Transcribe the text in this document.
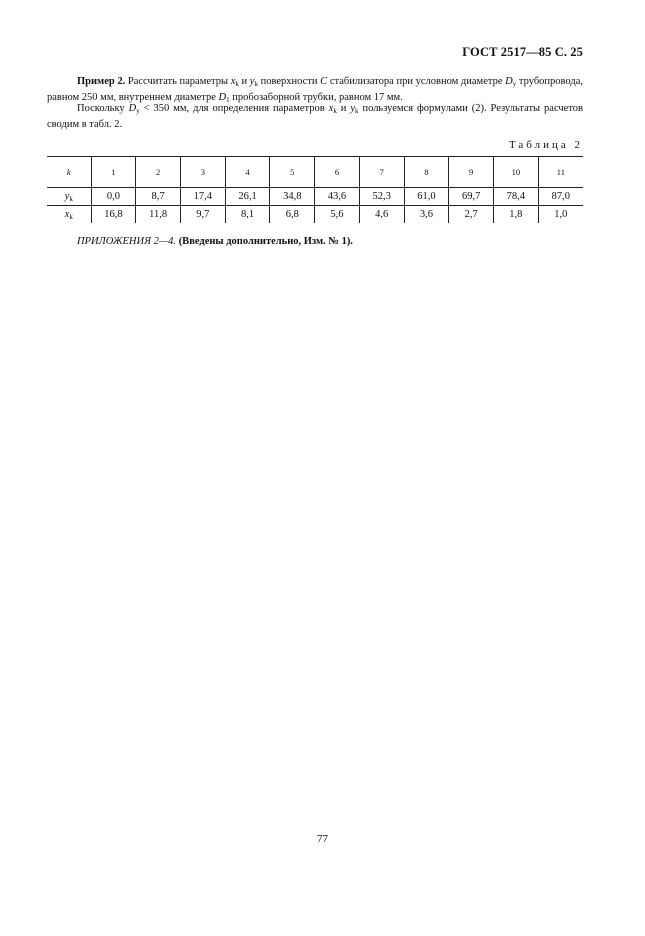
ГОСТ 2517—85 С. 25
Пример 2. Рассчитать параметры $x_k$ и $y_k$ поверхности C стабилизатора при условном диаметре $D_y$ трубопровода, равном 250 мм, внутреннем диаметре $D_1$ пробозаборной трубки, равном 17 мм.
Поскольку $D_y < 350$ мм, для определения параметров $x_k$ и $y_k$ пользуемся формулами (2). Результаты расчетов сводим в табл. 2.
Таблица 2
k	1	2	3	4	5	6	7	8	9	10	11
$y_k$	0,0	8,7	17,4	26,1	34,8	43,6	52,3	61,0	69,7	78,4	87,0
$x_k$	16,8	11,8	9,7	8,1	6,8	5,6	4,6	3,6	2,7	1,8	1,0
ПРИЛОЖЕНИЯ 2—4. (Введены дополнительно, Изм. № 1).
77
